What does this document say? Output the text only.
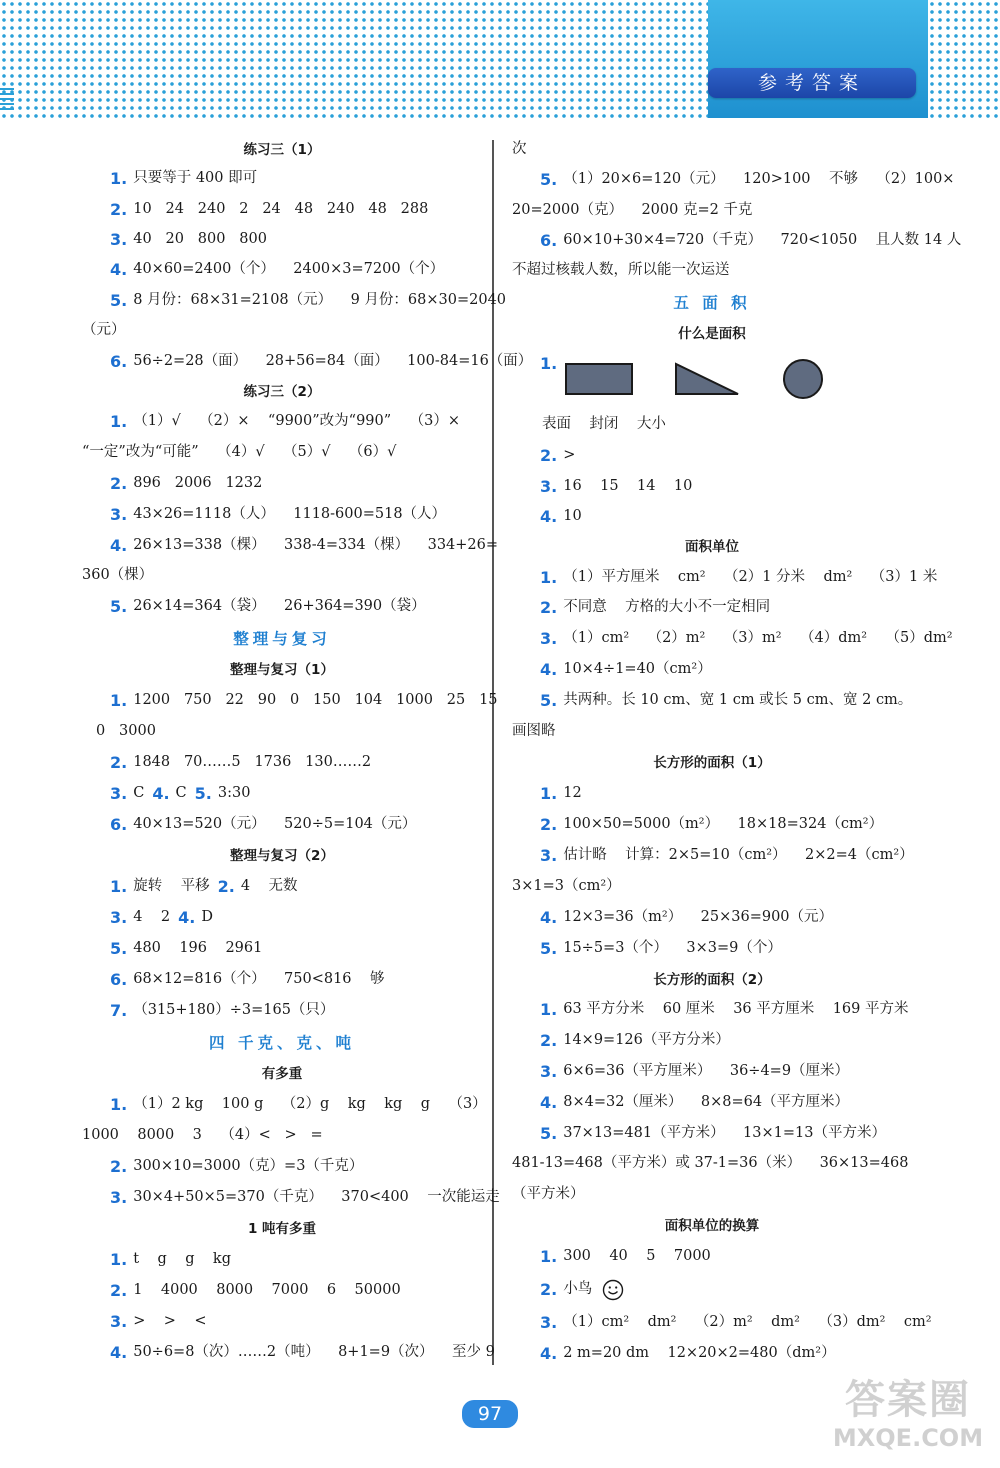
参考答案
练习三（1）
1. 只要等于 400 即可
2. 10   24   240   2   24   48   240   48   288
3. 40   20   800   800
4. 40×60=2400（个）    2400×3=7200（个）
5. 8 月份：68×31=2108（元）    9 月份：68×30=2040
（元）
6. 56÷2=28（面）    28+56=84（面）    100-84=16（面）
练习三（2）
1. （1）√    （2）×    “9900”改为“990”    （3）×
“一定”改为“可能”    （4）√    （5）√    （6）√
2. 896   2006   1232
3. 43×26=1118（人）    1118-600=518（人）
4. 26×13=338（棵）    338-4=334（棵）    334+26=
360（棵）
5. 26×14=364（袋）    26+364=390（袋）
整理与复习
整理与复习（1）
1. 1200   750   22   90   0   150   104   1000   25   15
0   3000
2. 1848   70……5   1736   130……2
3. C 4. C 5. 3:30
6. 40×13=520（元）    520÷5=104（元）
整理与复习（2）
1. 旋转    平移 2. 4    无数
3. 4    2 4. D
5. 480    196    2961
6. 68×12=816（个）    750<816    够
7. （315+180）÷3=165（只）
四 千克、克、吨
有多重
1. （1）2 kg    100 g    （2）g    kg    kg    g    （3）
1000    8000    3    （4）<   >   =
2. 300×10=3000（克）=3（千克）
3. 30×4+50×5=370（千克）    370<400    一次能运走
1 吨有多重
1. t    g    g    kg
2. 1    4000    8000    7000    6    50000
3. >    >    <
4. 50÷6=8（次）……2（吨）    8+1=9（次）    至少 9
次
5. （1）20×6=120（元）    120>100    不够    （2）100×
20=2000（克）    2000 克=2 千克
6. 60×10+30×4=720（千克）    720<1050    且人数 14 人
不超过核载人数，所以能一次运送
五 面 积
什么是面积
1.
表面    封闭    大小
2. >
3. 16    15    14    10
4. 10
面积单位
1. （1）平方厘米    cm²    （2）1 分米    dm²    （3）1 米
2. 不同意    方格的大小不一定相同
3. （1）cm²    （2）m²    （3）m²    （4）dm²    （5）dm²
4. 10×4÷1=40（cm²）
5. 共两种。长 10 cm、宽 1 cm 或长 5 cm、宽 2 cm。
画图略
长方形的面积（1）
1. 12
2. 100×50=5000（m²）    18×18=324（cm²）
3. 估计略    计算：2×5=10（cm²）    2×2=4（cm²）
3×1=3（cm²）
4. 12×3=36（m²）    25×36=900（元）
5. 15÷5=3（个）    3×3=9（个）
长方形的面积（2）
1. 63 平方分米    60 厘米    36 平方厘米    169 平方米
2. 14×9=126（平方分米）
3. 6×6=36（平方厘米）    36÷4=9（厘米）
4. 8×4=32（厘米）    8×8=64（平方厘米）
5. 37×13=481（平方米）    13×1=13（平方米）
481-13=468（平方米）或 37-1=36（米）    36×13=468
（平方米）
面积单位的换算
1. 300    40    5    7000
2. 小鸟
3. （1）cm²    dm²    （2）m²    dm²    （3）dm²    cm²
4. 2 m=20 dm    12×20×2=480（dm²）
97	答案圈
MXQE.COM
